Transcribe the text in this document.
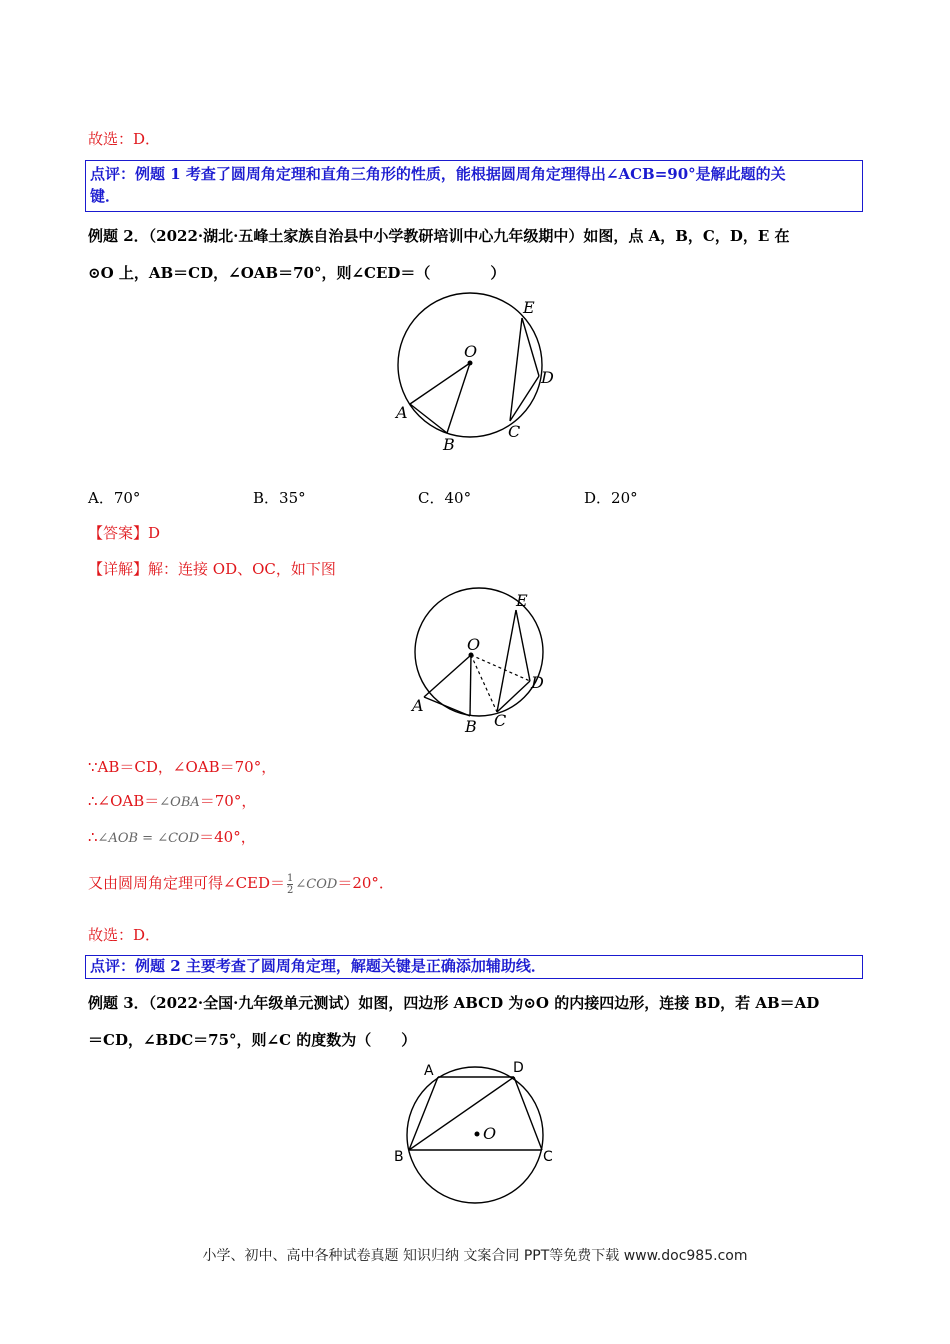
故选：D．
点评：例题 1 考查了圆周角定理和直角三角形的性质，能根据圆周角定理得出∠ACB=90°是解此题的关
键．
例题 2．（2022·湖北·五峰土家族自治县中小学教研培训中心九年级期中）如图，点 A，B，C，D，E 在
⊙O 上，AB＝CD，∠OAB＝70°，则∠CED＝（　　　　）
O
A
B
C
D
E
A．70°	B．35°	C．40°	D．20°
【答案】D
【详解】解：连接 OD、OC，如下图
O
A
B C
D
E
∵AB＝CD，∠OAB＝70°，
∴∠OAB＝∠OBA＝70°，
∴∠AOB = ∠COD＝40°，
又由圆周角定理可得∠CED＝ $\frac{1}{2}$ ∠COD＝20°．
故选：D．
点评：例题 2 主要考查了圆周角定理，解题关键是正确添加辅助线．
例题 3．（2022·全国·九年级单元测试）如图，四边形 ABCD 为⊙O 的内接四边形，连接 BD，若 AB＝AD
＝CD，∠BDC＝75°，则∠C 的度数为（　　）
O
A	D
B	C
小学、初中、高中各种试卷真题 知识归纳 文案合同 PPT等免费下载 www.doc985.com
